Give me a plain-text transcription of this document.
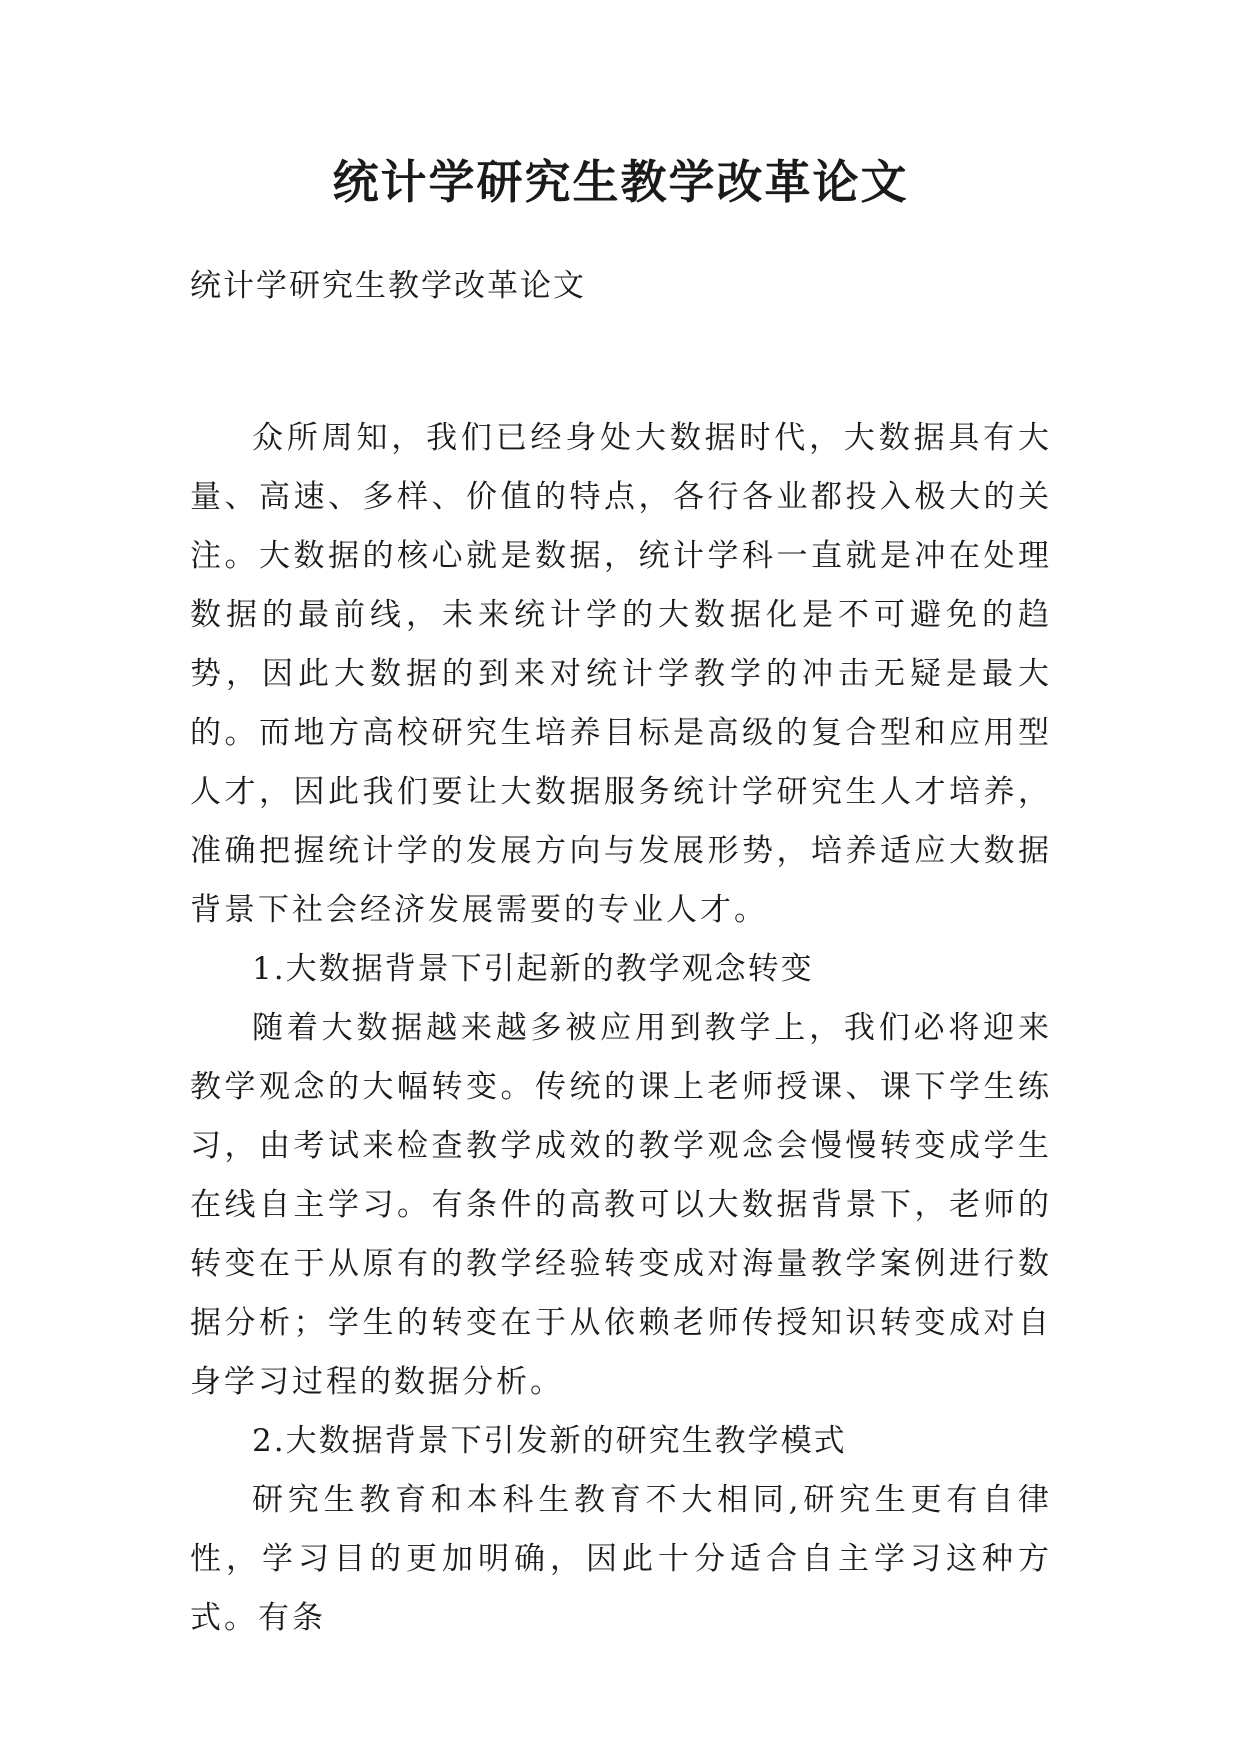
统计学研究生教学改革论文

统计学研究生教学改革论文

众所周知，我们已经身处大数据时代，大数据具有大量、高速、多样、价值的特点，各行各业都投入极大的关注。大数据的核心就是数据，统计学科一直就是冲在处理数据的最前线，未来统计学的大数据化是不可避免的趋势，因此大数据的到来对统计学教学的冲击无疑是最大的。而地方高校研究生培养目标是高级的复合型和应用型人才，因此我们要让大数据服务统计学研究生人才培养，准确把握统计学的发展方向与发展形势，培养适应大数据背景下社会经济发展需要的专业人才。

1.大数据背景下引起新的教学观念转变

随着大数据越来越多被应用到教学上，我们必将迎来教学观念的大幅转变。传统的课上老师授课、课下学生练习，由考试来检查教学成效的教学观念会慢慢转变成学生在线自主学习。有条件的高教可以大数据背景下，老师的转变在于从原有的教学经验转变成对海量教学案例进行数据分析；学生的转变在于从依赖老师传授知识转变成对自身学习过程的数据分析。

2.大数据背景下引发新的研究生教学模式

研究生教育和本科生教育不大相同,研究生更有自律性，学习目的更加明确，因此十分适合自主学习这种方式。有条
